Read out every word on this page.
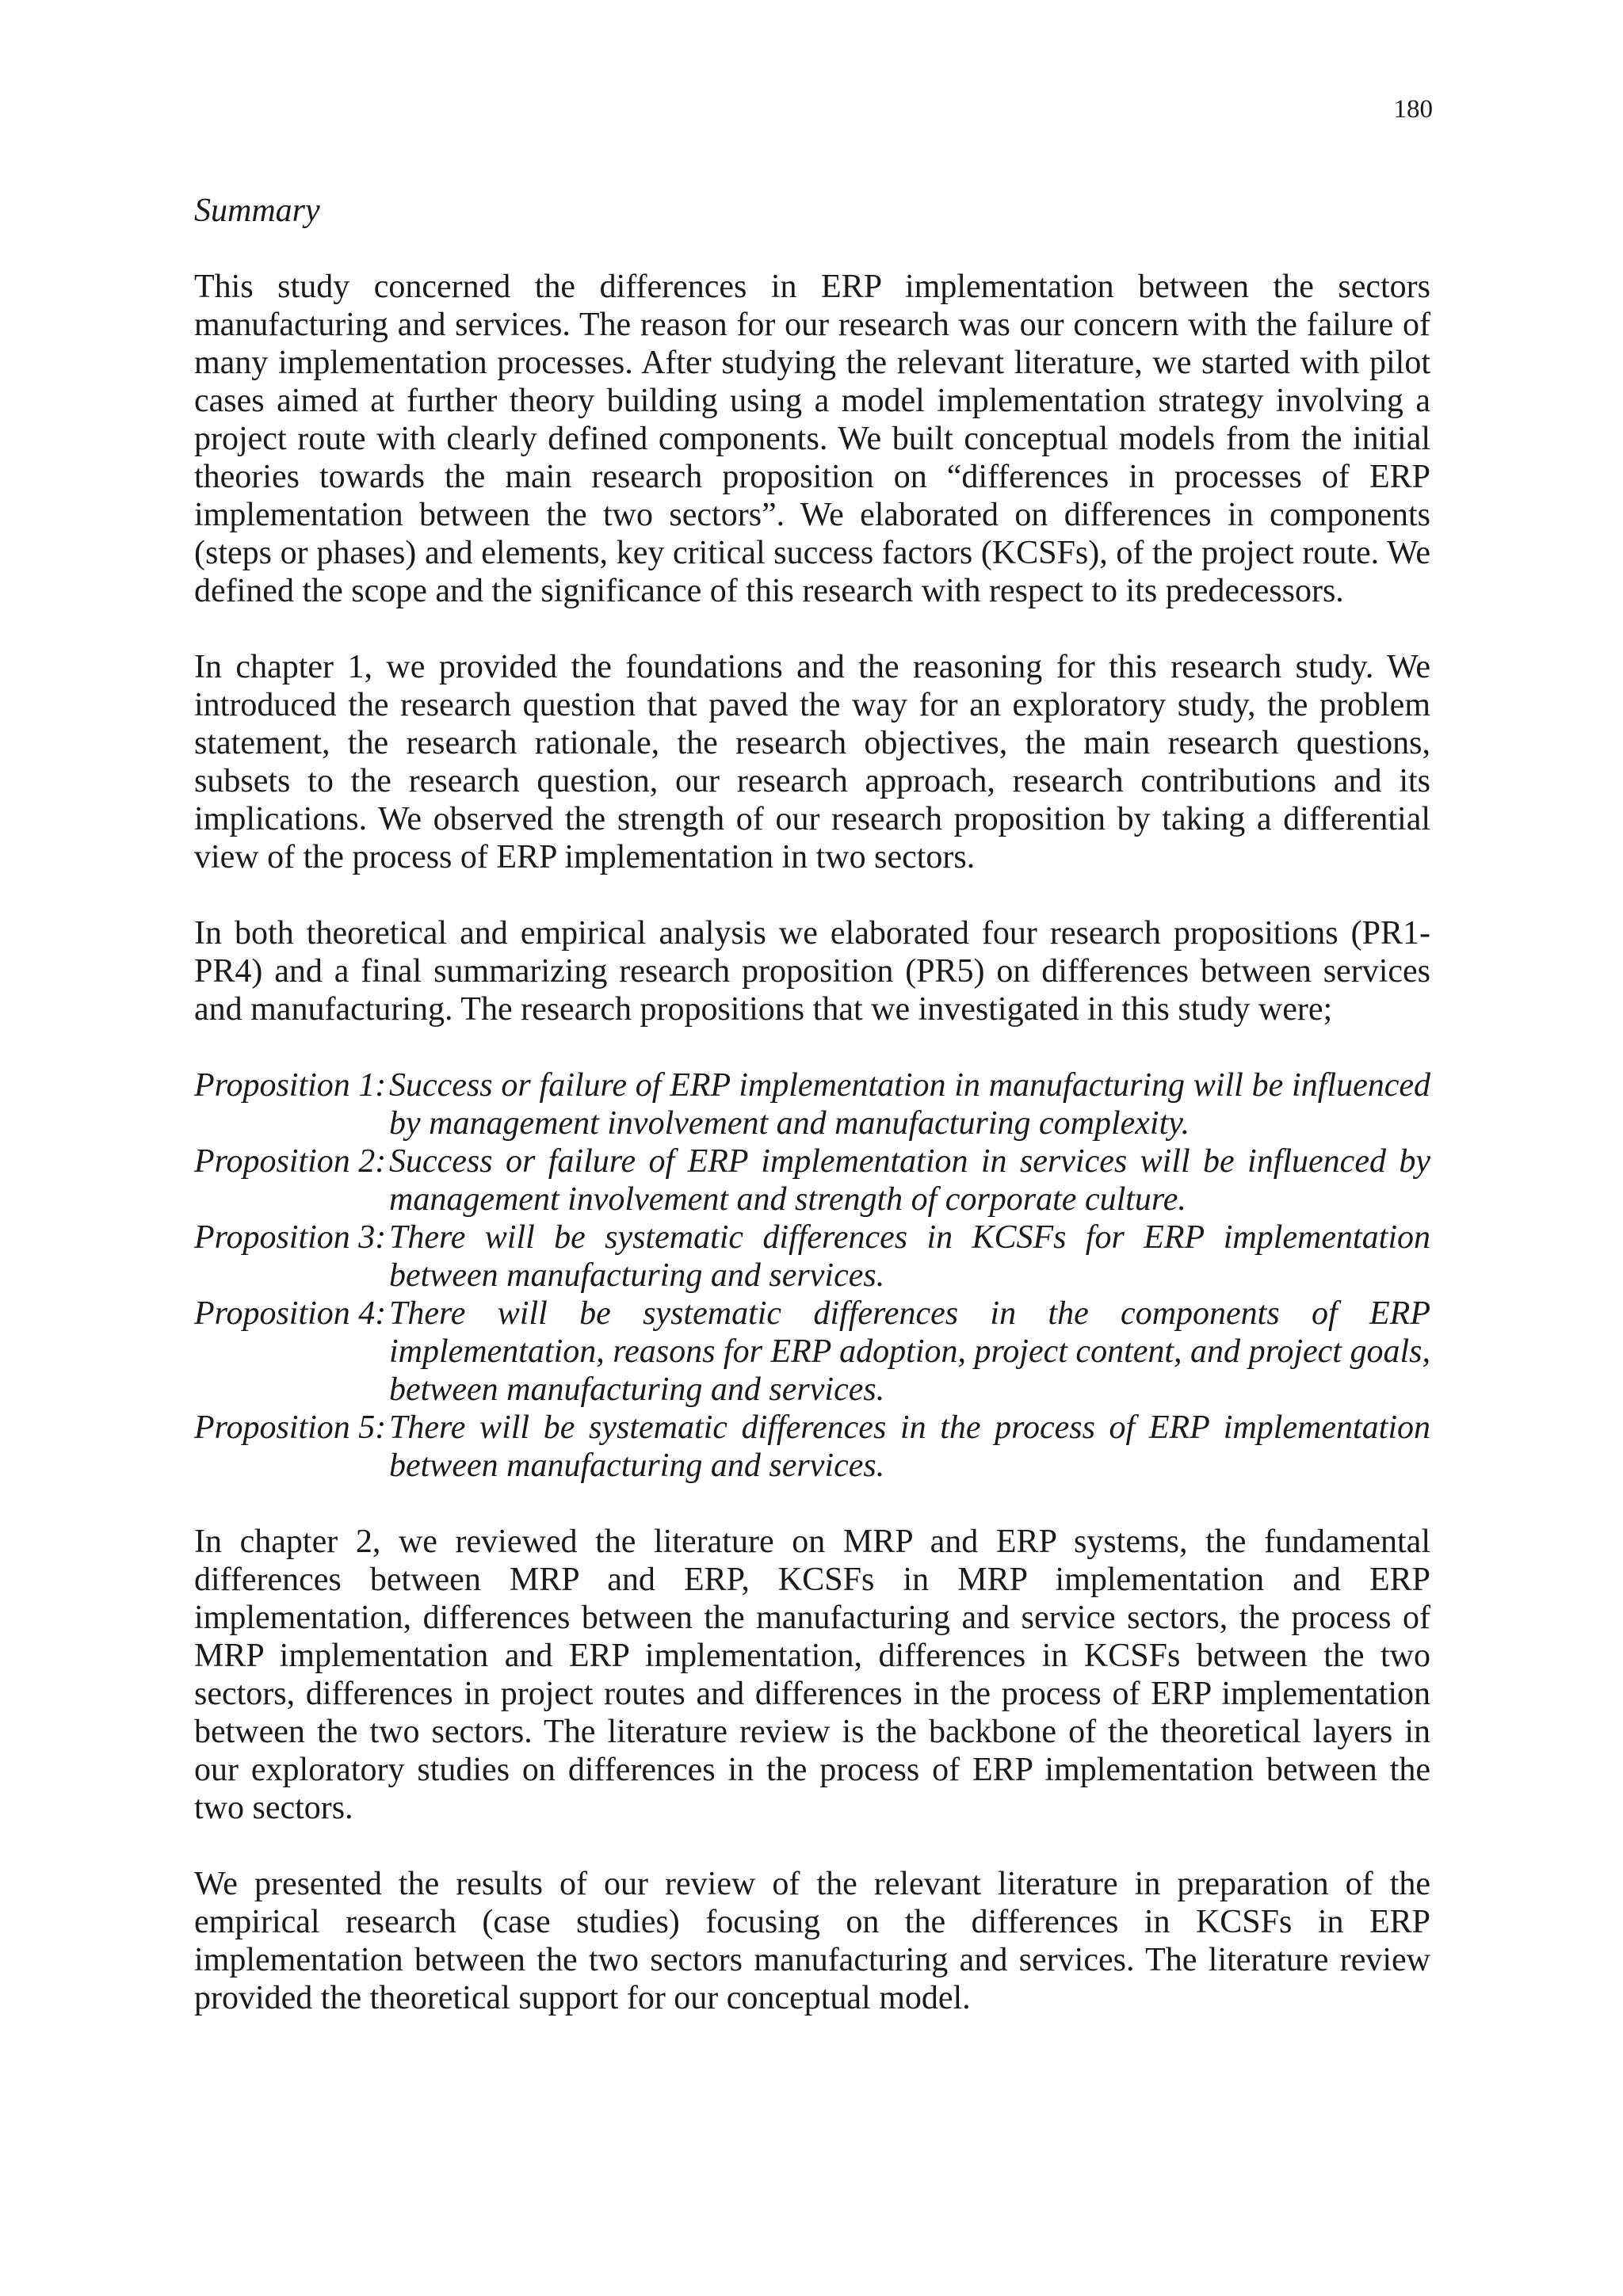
180
Summary

This study concerned the differences in ERP implementation between the sectors manufacturing and services. The reason for our research was our concern with the failure of many implementation processes. After studying the relevant literature, we started with pilot cases aimed at further theory building using a model implementation strategy involving a project route with clearly defined components. We built conceptual models from the initial theories towards the main research proposition on “differences in processes of ERP implementation between the two sectors”. We elaborated on differences in components (steps or phases) and elements, key critical success factors (KCSFs), of the project route. We defined the scope and the significance of this research with respect to its predecessors.

In chapter 1, we provided the foundations and the reasoning for this research study. We introduced the research question that paved the way for an exploratory study, the problem statement, the research rationale, the research objectives, the main research questions, subsets to the research question, our research approach, research contributions and its implications. We observed the strength of our research proposition by taking a differential view of the process of ERP implementation in two sectors.

In both theoretical and empirical analysis we elaborated four research propositions (PR1-PR4) and a final summarizing research proposition (PR5) on differences between services and manufacturing. The research propositions that we investigated in this study were;

Proposition 1: Success or failure of ERP implementation in manufacturing will be influenced by management involvement and manufacturing complexity.
Proposition 2: Success or failure of ERP implementation in services will be influenced by management involvement and strength of corporate culture.
Proposition 3: There will be systematic differences in KCSFs for ERP implementation between manufacturing and services.
Proposition 4: There will be systematic differences in the components of ERP implementation, reasons for ERP adoption, project content, and project goals, between manufacturing and services.
Proposition 5: There will be systematic differences in the process of ERP implementation between manufacturing and services.

In chapter 2, we reviewed the literature on MRP and ERP systems, the fundamental differences between MRP and ERP, KCSFs in MRP implementation and ERP implementation, differences between the manufacturing and service sectors, the process of MRP implementation and ERP implementation, differences in KCSFs between the two sectors, differences in project routes and differences in the process of ERP implementation between the two sectors. The literature review is the backbone of the theoretical layers in our exploratory studies on differences in the process of ERP implementation between the two sectors.

We presented the results of our review of the relevant literature in preparation of the empirical research (case studies) focusing on the differences in KCSFs in ERP implementation between the two sectors manufacturing and services. The literature review provided the theoretical support for our conceptual model.
